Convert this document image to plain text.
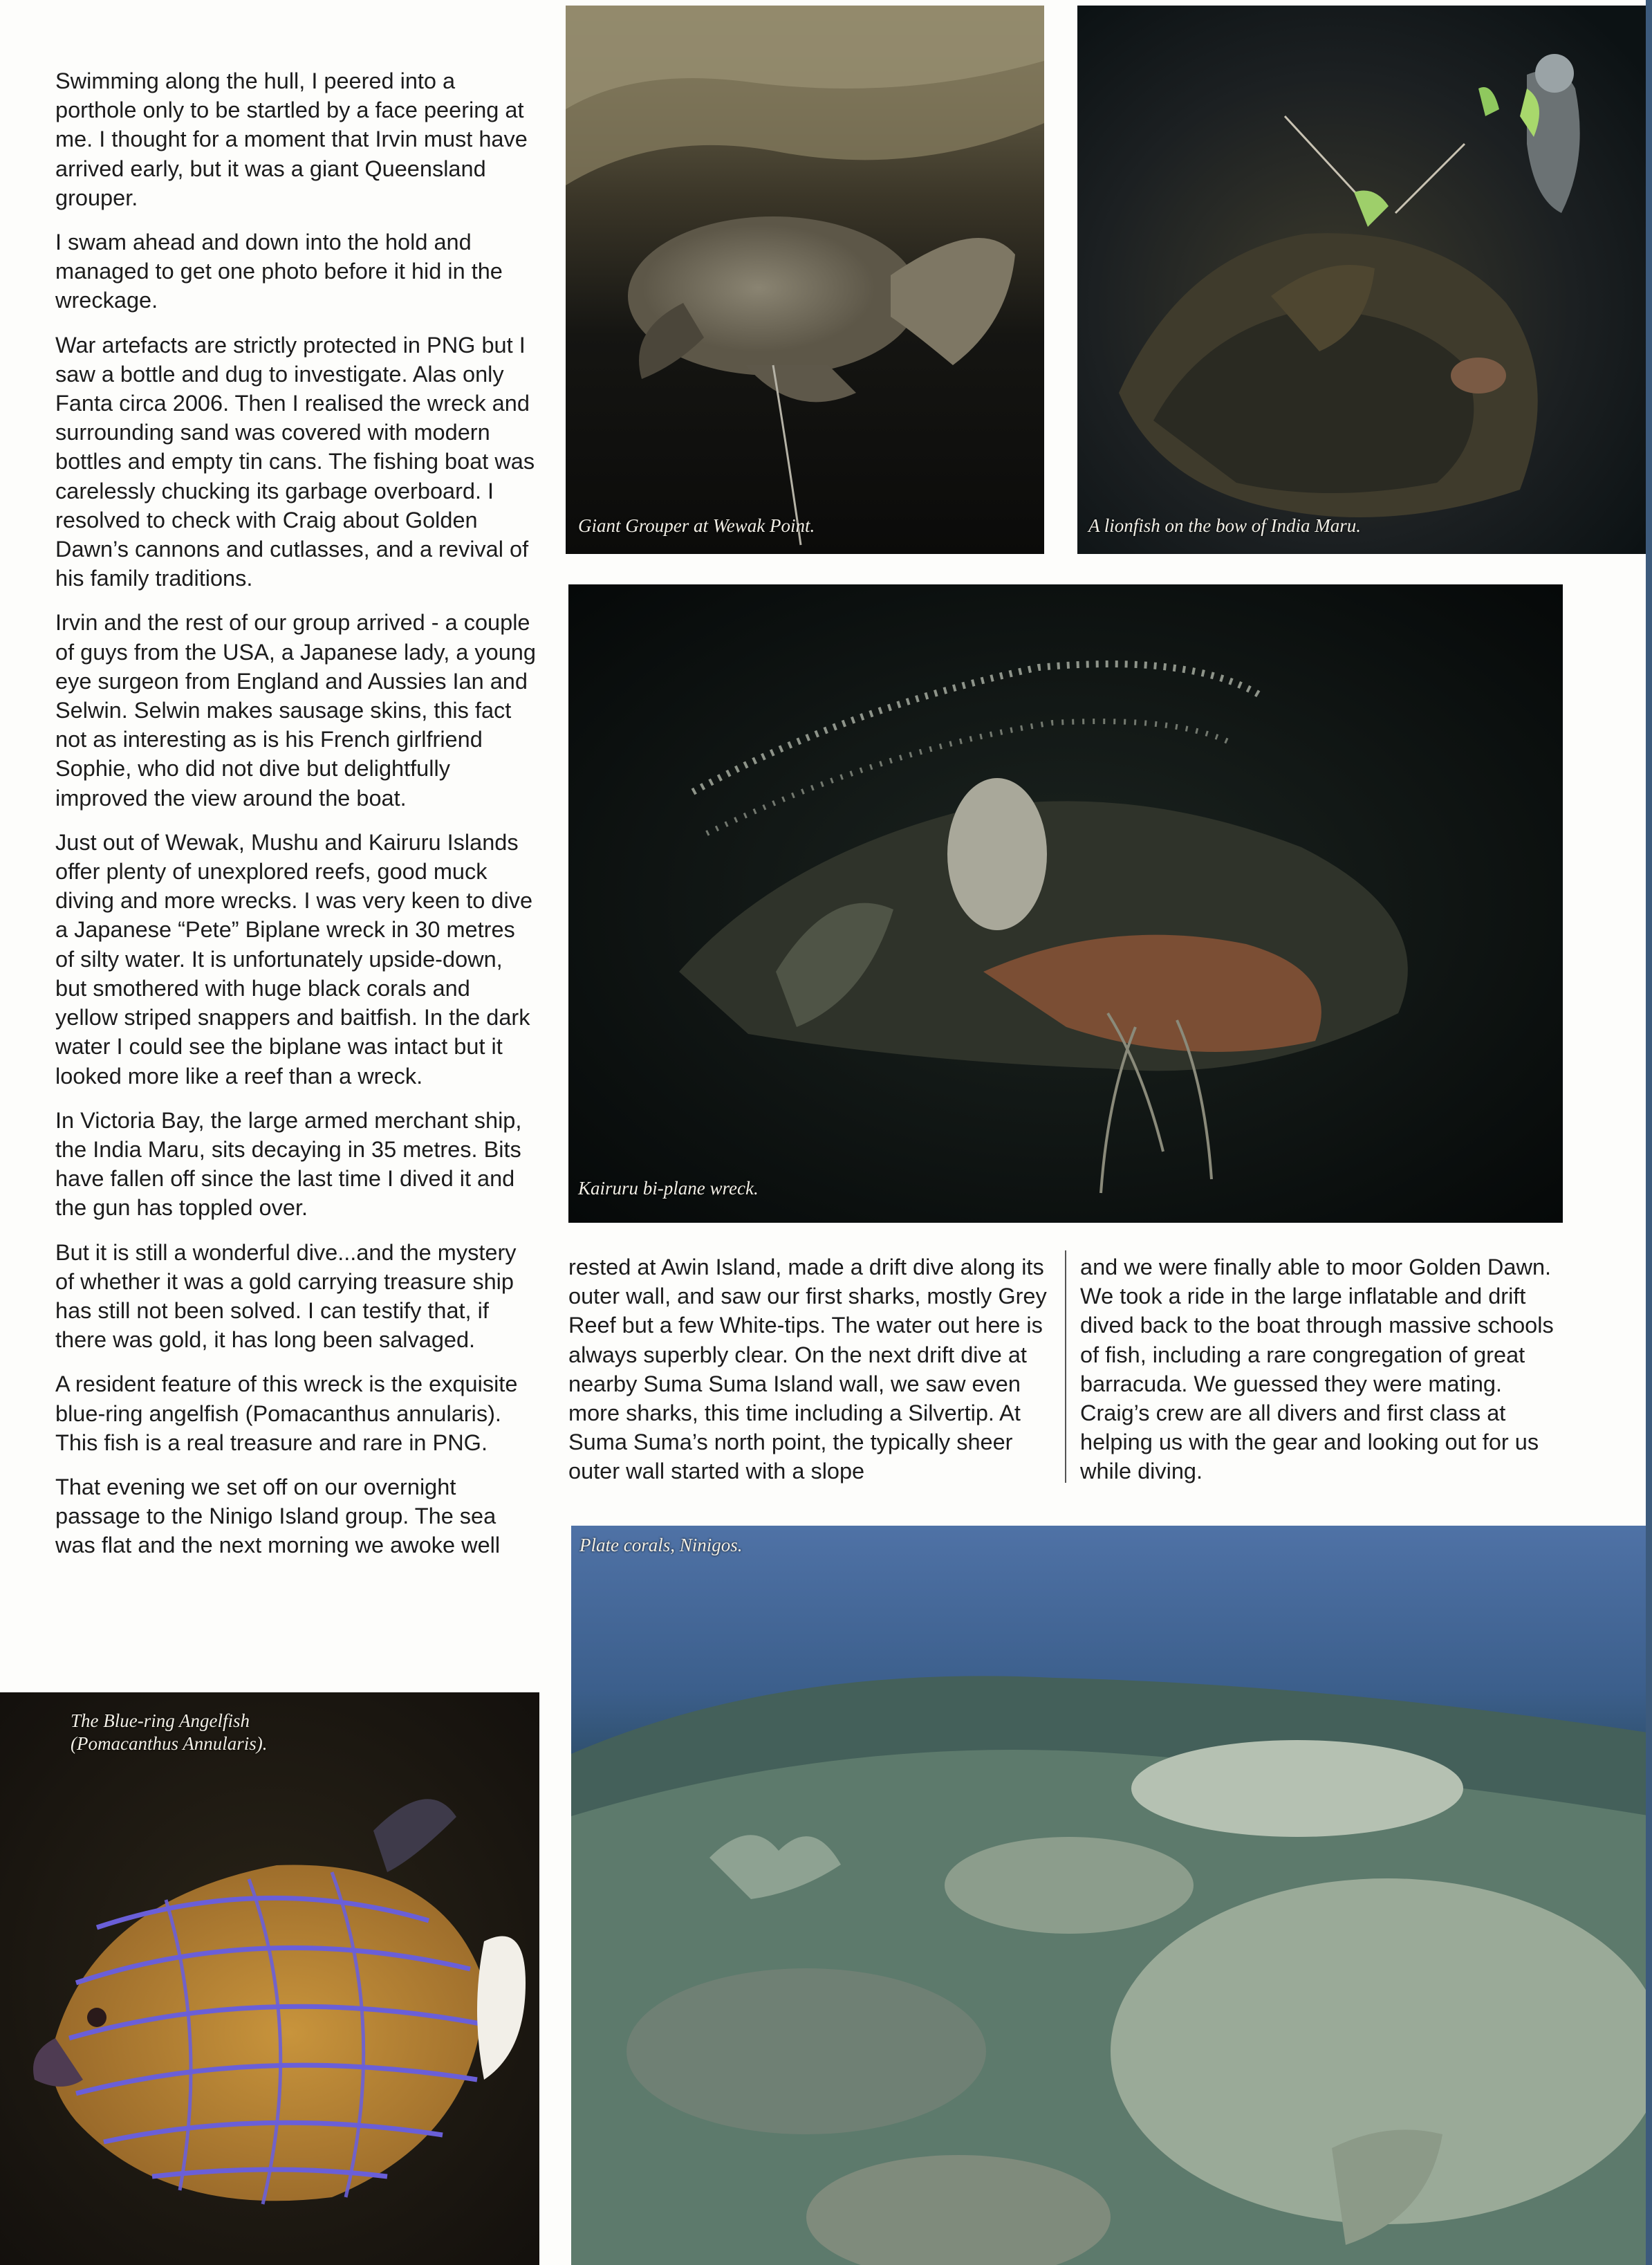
Swimming along the hull, I peered into a porthole only to be startled by a face peering at me. I thought for a moment that Irvin must have arrived early, but it was a giant Queensland grouper.

I swam ahead and down into the hold and managed to get one photo before it hid in the wreckage.

War artefacts are strictly protected in PNG but I saw a bottle and dug to investigate. Alas only Fanta circa 2006. Then I realised the wreck and surrounding sand was covered with modern bottles and empty tin cans. The fishing boat was carelessly chucking its garbage overboard. I resolved to check with Craig about Golden Dawn’s cannons and cutlasses, and a revival of his family traditions.

Irvin and the rest of our group arrived - a couple of guys from the USA, a Japanese lady, a young eye surgeon from England and Aussies Ian and Selwin. Selwin makes sausage skins, this fact not as interesting as is his French girlfriend Sophie, who did not dive but delightfully improved the view around the boat.

Just out of Wewak, Mushu and Kairuru Islands offer plenty of unexplored reefs, good muck diving and more wrecks. I was very keen to dive a Japanese “Pete” Biplane wreck in 30 metres of silty water. It is unfortunately upside-down, but smothered with huge black corals and yellow striped snappers and baitfish. In the dark water I could see the biplane was intact but it looked more like a reef than a wreck.

In Victoria Bay, the large armed merchant ship, the India Maru, sits decaying in 35 metres. Bits have fallen off since the last time I dived it and the gun has toppled over.

But it is still a wonderful dive...and the mystery of whether it was a gold carrying treasure ship has still not been solved. I can testify that, if there was gold, it has long been salvaged.

A resident feature of this wreck is the exquisite blue-ring angelfish (Pomacanthus annularis). This fish is a real treasure and rare in PNG.

That evening we set off on our overnight passage to the Ninigo Island group. The sea was flat and the next morning we awoke well

rested at Awin Island, made a drift dive along its outer wall, and saw our first sharks, mostly Grey Reef but a few White-tips. The water out here is always superbly clear. On the next drift dive at nearby Suma Suma Island wall, we saw even more sharks, this time including a Silvertip. At Suma Suma’s north point, the typically sheer outer wall started with a slope

and we were finally able to moor Golden Dawn. We took a ride in the large inflatable and drift dived back to the boat through massive schools of fish, including a rare congregation of great barracuda. We guessed they were mating. Craig’s crew are all divers and first class at helping us with the gear and looking out for us while diving.

Giant Grouper at Wewak Point.	A lionfish on the bow of India Maru.
Kairuru bi-plane wreck.
Plate corals, Ninigos.
The Blue-ring Angelfish
(Pomacanthus Annularis).
